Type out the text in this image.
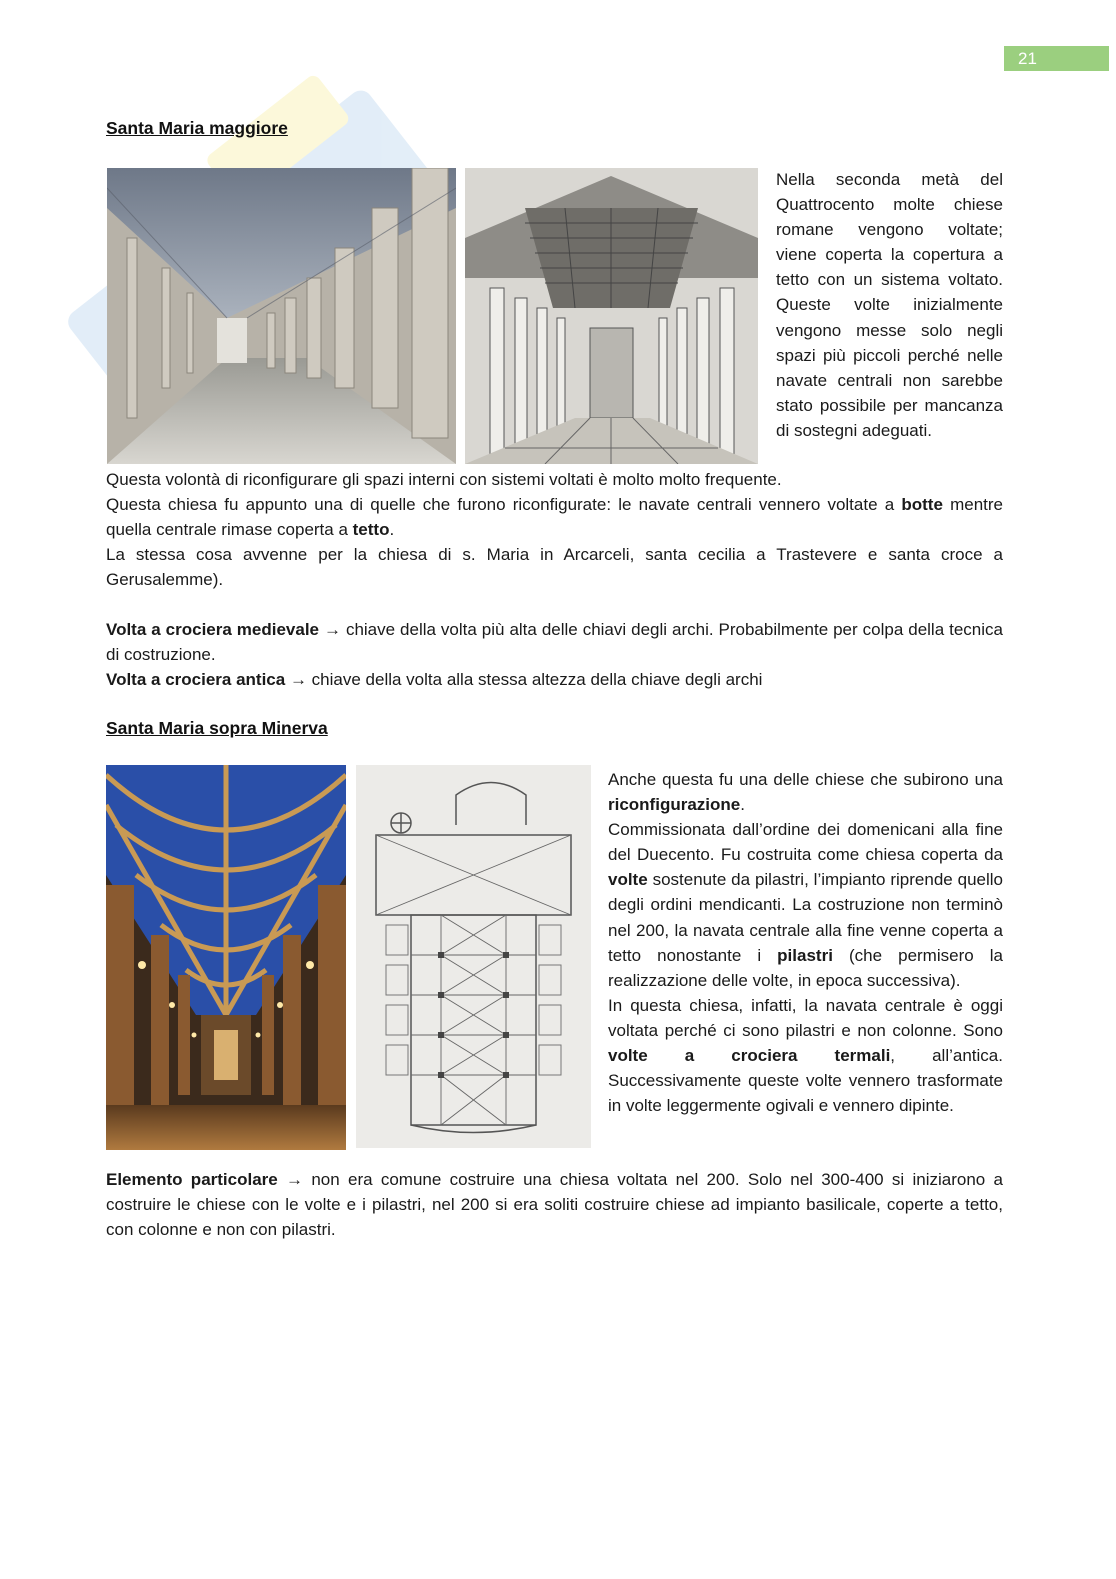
21
Santa Maria maggiore

Nella seconda metà del Quattrocento molte chiese romane vengono voltate; viene coperta la copertura a tetto con un sistema voltato. Queste volte inizialmente vengono messe solo negli spazi più piccoli perché nelle navate centrali non sarebbe stato possibile per mancanza di sostegni adeguati.

Questa volontà di riconfigurare gli spazi interni con sistemi voltati è molto molto frequente.

Questa chiesa fu appunto una di quelle che furono riconfigurate: le navate centrali vennero voltate a botte mentre quella centrale rimase coperta a tetto.

La stessa cosa avvenne per la chiesa di s. Maria in Arcarceli, santa cecilia a Trastevere e santa croce a Gerusalemme).

Volta a crociera medievale → chiave della volta più alta delle chiavi degli archi. Probabilmente per colpa della tecnica di costruzione.

Volta a crociera antica → chiave della volta alla stessa altezza della chiave degli archi

Santa Maria sopra Minerva

Anche questa fu una delle chiese che subirono una riconfigurazione.

Commissionata dall’ordine dei domenicani alla fine del Duecento. Fu costruita come chiesa coperta da volte sostenute da pilastri, l’impianto riprende quello degli ordini mendicanti. La costruzione non terminò nel 200, la navata centrale alla fine venne coperta a tetto nonostante i pilastri (che permisero la realizzazione delle volte, in epoca successiva).

In questa chiesa, infatti, la navata centrale è oggi voltata perché ci sono pilastri e non colonne. Sono volte a crociera termali, all’antica. Successivamente queste volte vennero trasformate in volte leggermente ogivali e vennero dipinte.

Elemento particolare → non era comune costruire una chiesa voltata nel 200. Solo nel 300-400 si iniziarono a costruire le chiese con le volte e i pilastri, nel 200 si era soliti costruire chiese ad impianto basilicale, coperte a tetto, con colonne e non con pilastri.
